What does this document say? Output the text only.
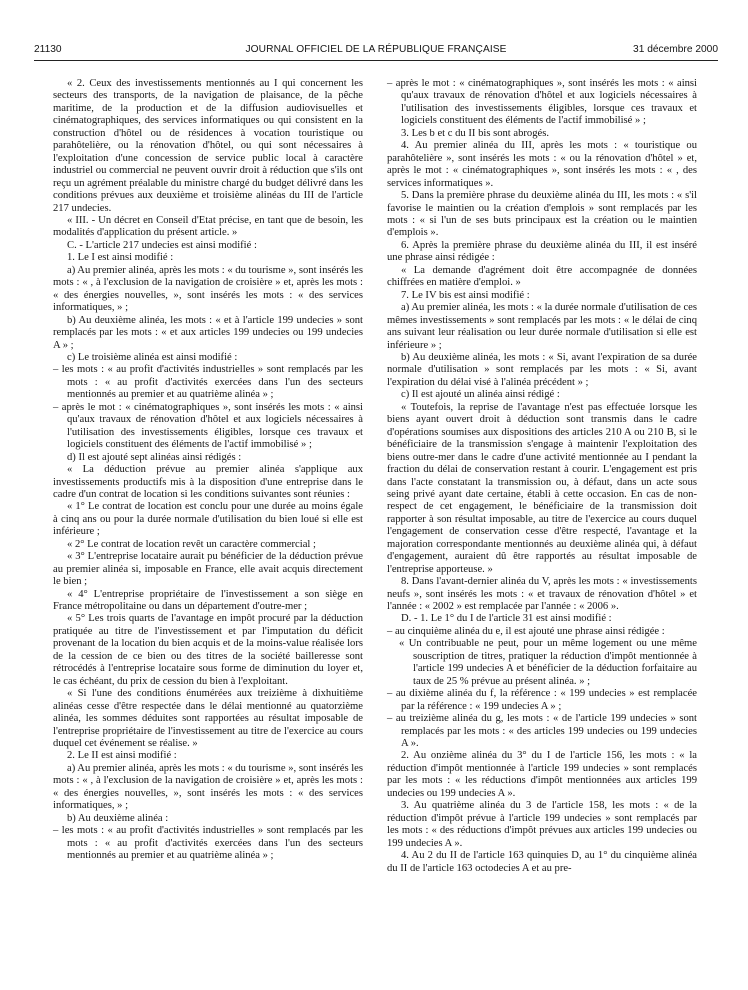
21130	JOURNAL OFFICIEL DE LA RÉPUBLIQUE FRANÇAISE	31 décembre 2000

« 2. Ceux des investissements mentionnés au I qui concernent les secteurs des transports, de la navigation de plaisance, de la pêche maritime, de la production et de la diffusion audiovisuelles et cinématographiques, des services informatiques ou qui consistent en la construction d'hôtel ou de résidences à vocation touristique ou parahôtelière, ou la rénovation d'hôtel, ou qui sont nécessaires à l'exploitation d'une concession de service public local à caractère industriel ou commercial ne peuvent ouvrir droit à réduction que s'ils ont reçu un agrément préalable du ministre chargé du budget délivré dans les conditions prévues aux deuxième et troisième alinéas du III de l'article 217 undecies.

« III. - Un décret en Conseil d'Etat précise, en tant que de besoin, les modalités d'application du présent article. »

C. - L'article 217 undecies est ainsi modifié :

1. Le I est ainsi modifié :

a) Au premier alinéa, après les mots : « du tourisme », sont insérés les mots : « , à l'exclusion de la navigation de croisière » et, après les mots : « des énergies nouvelles, », sont insérés les mots : « des services informatiques, » ;

b) Au deuxième alinéa, les mots : « et à l'article 199 undecies » sont remplacés par les mots : « et aux articles 199 undecies ou 199 undecies A » ;

c) Le troisième alinéa est ainsi modifié :

– les mots : « au profit d'activités industrielles » sont remplacés par les mots : « au profit d'activités exercées dans l'un des secteurs mentionnés au premier et au quatrième alinéa » ;

– après le mot : « cinématographiques », sont insérés les mots : « ainsi qu'aux travaux de rénovation d'hôtel et aux logiciels nécessaires à l'utilisation des investissements éligibles, lorsque ces travaux et logiciels constituent des éléments de l'actif immobilisé » ;

d) Il est ajouté sept alinéas ainsi rédigés :

« La déduction prévue au premier alinéa s'applique aux investissements productifs mis à la disposition d'une entreprise dans le cadre d'un contrat de location si les conditions suivantes sont réunies :

« 1° Le contrat de location est conclu pour une durée au moins égale à cinq ans ou pour la durée normale d'utilisation du bien loué si elle est inférieure ;

« 2° Le contrat de location revêt un caractère commercial ;

« 3° L'entreprise locataire aurait pu bénéficier de la déduction prévue au premier alinéa si, imposable en France, elle avait acquis directement le bien ;

« 4° L'entreprise propriétaire de l'investissement a son siège en France métropolitaine ou dans un département d'outre-mer ;

« 5° Les trois quarts de l'avantage en impôt procuré par la déduction pratiquée au titre de l'investissement et par l'imputation du déficit provenant de la location du bien acquis et de la moins-value réalisée lors de la cession de ce bien ou des titres de la société bailleresse sont rétrocédés à l'entreprise locataire sous forme de diminution du loyer et, le cas échéant, du prix de cession du bien à l'exploitant.

« Si l'une des conditions énumérées aux treizième à dixhuitième alinéas cesse d'être respectée dans le délai mentionné au quatorzième alinéa, les sommes déduites sont rapportées au résultat imposable de l'entreprise propriétaire de l'investissement au titre de l'exercice au cours duquel cet événement se réalise. »

2. Le II est ainsi modifié :

a) Au premier alinéa, après les mots : « du tourisme », sont insérés les mots : « , à l'exclusion de la navigation de croisière » et, après les mots : « des énergies nouvelles, », sont insérés les mots : « des services informatiques, » ;

b) Au deuxième alinéa :

– les mots : « au profit d'activités industrielles » sont remplacés par les mots : « au profit d'activités exercées dans l'un des secteurs mentionnés au premier et au quatrième alinéa » ;

– après le mot : « cinématographiques », sont insérés les mots : « ainsi qu'aux travaux de rénovation d'hôtel et aux logiciels nécessaires à l'utilisation des investissements éligibles, lorsque ces travaux et logiciels constituent des éléments de l'actif immobilisé » ;

3. Les b et c du II bis sont abrogés.

4. Au premier alinéa du III, après les mots : « touristique ou parahôtelière », sont insérés les mots : « ou la rénovation d'hôtel » et, après le mot : « cinématographiques », sont insérés les mots : « , des services informatiques ».

5. Dans la première phrase du deuxième alinéa du III, les mots : « s'il favorise le maintien ou la création d'emplois » sont remplacés par les mots : « si l'un de ses buts principaux est la création ou le maintien d'emplois ».

6. Après la première phrase du deuxième alinéa du III, il est inséré une phrase ainsi rédigée :

« La demande d'agrément doit être accompagnée de données chiffrées en matière d'emploi. »

7. Le IV bis est ainsi modifié :

a) Au premier alinéa, les mots : « la durée normale d'utilisation de ces mêmes investissements » sont remplacés par les mots : « le délai de cinq ans suivant leur réalisation ou leur durée normale d'utilisation si elle est inférieure » ;

b) Au deuxième alinéa, les mots : « Si, avant l'expiration de sa durée normale d'utilisation » sont remplacés par les mots : « Si, avant l'expiration du délai visé à l'alinéa précédent » ;

c) Il est ajouté un alinéa ainsi rédigé :

« Toutefois, la reprise de l'avantage n'est pas effectuée lorsque les biens ayant ouvert droit à déduction sont transmis dans le cadre d'opérations soumises aux dispositions des articles 210 A ou 210 B, si le bénéficiaire de la transmission s'engage à maintenir l'exploitation des biens outre-mer dans le cadre d'une activité mentionnée au I pendant la fraction du délai de conservation restant à courir. L'engagement est pris dans l'acte constatant la transmission ou, à défaut, dans un acte sous seing privé ayant date certaine, établi à cette occasion. En cas de non-respect de cet engagement, le bénéficiaire de la transmission doit rapporter à son résultat imposable, au titre de l'exercice au cours duquel l'engagement de conservation cesse d'être respecté, l'avantage et la majoration correspondante mentionnés au deuxième alinéa qui, à défaut d'engagement, auraient dû être rapportés au résultat imposable de l'entreprise apporteuse. »

8. Dans l'avant-dernier alinéa du V, après les mots : « investissements neufs », sont insérés les mots : « et travaux de rénovation d'hôtel » et l'année : « 2002 » est remplacée par l'année : « 2006 ».

D. - 1. Le 1° du I de l'article 31 est ainsi modifié :

– au cinquième alinéa du e, il est ajouté une phrase ainsi rédigée :

« Un contribuable ne peut, pour un même logement ou une même souscription de titres, pratiquer la réduction d'impôt mentionnée à l'article 199 undecies A et bénéficier de la déduction forfaitaire au taux de 25 % prévue au présent alinéa. » ;

– au dixième alinéa du f, la référence : « 199 undecies » est remplacée par la référence : « 199 undecies A » ;

– au treizième alinéa du g, les mots : « de l'article 199 undecies » sont remplacés par les mots : « des articles 199 undecies ou 199 undecies A ».

2. Au onzième alinéa du 3° du I de l'article 156, les mots : « la réduction d'impôt mentionnée à l'article 199 undecies » sont remplacés par les mots : « les réductions d'impôt mentionnées aux articles 199 undecies ou 199 undecies A ».

3. Au quatrième alinéa du 3 de l'article 158, les mots : « de la réduction d'impôt prévue à l'article 199 undecies » sont remplacés par les mots : « des réductions d'impôt prévues aux articles 199 undecies ou 199 undecies A ».

4. Au 2 du II de l'article 163 quinquies D, au 1° du cinquième alinéa du II de l'article 163 octodecies A et au pre-
